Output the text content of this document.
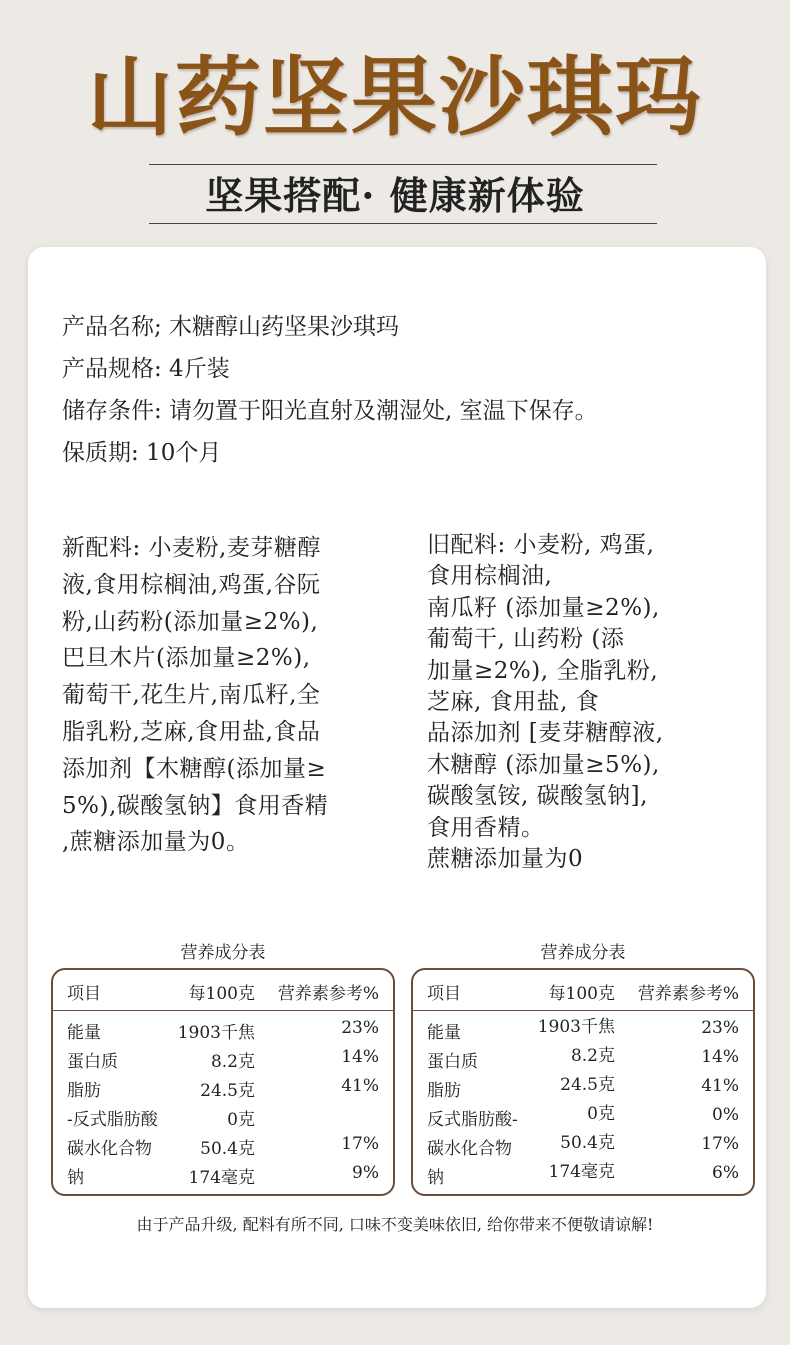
山药坚果沙琪玛
坚果搭配· 健康新体验
产品名称; 木糖醇山药坚果沙琪玛
产品规格: 4斤装
储存条件: 请勿置于阳光直射及潮湿处, 室温下保存。
保质期: 10个月
新配料: 小麦粉,麦芽糖醇
液,食用棕榈油,鸡蛋,谷阮
粉,山药粉(添加量≥2%),
巴旦木片(添加量≥2%),
葡萄干,花生片,南瓜籽,全
脂乳粉,芝麻,食用盐,食品
添加剂【木糖醇(添加量≥
5%),碳酸氢钠】食用香精
,蔗糖添加量为0。
旧配料: 小麦粉, 鸡蛋,
食用棕榈油,
南瓜籽 (添加量≥2%),
葡萄干, 山药粉 (添
加量≥2%), 全脂乳粉,
芝麻, 食用盐, 食
品添加剂 [麦芽糖醇液,
木糖醇 (添加量≥5%),
碳酸氢铵, 碳酸氢钠],
食用香精。
蔗糖添加量为0
营养成分表
项目	每100克 营养素参考%
能量	1903千焦	23%
蛋白质	8.2克	14%
脂肪	24.5克	41%
-反式脂肪酸	0克
碳水化合物	50.4克	17%
钠	174毫克	9%
营养成分表
项目	每100克 营养素参考%
能量	1903千焦	23%
蛋白质	8.2克	14%
脂肪	24.5克	41%
反式脂肪酸-	0克	0%
碳水化合物	50.4克	17%
钠	174毫克	6%
由于产品升级, 配料有所不同, 口味不变美味依旧, 给你带来不便敬请谅解!
